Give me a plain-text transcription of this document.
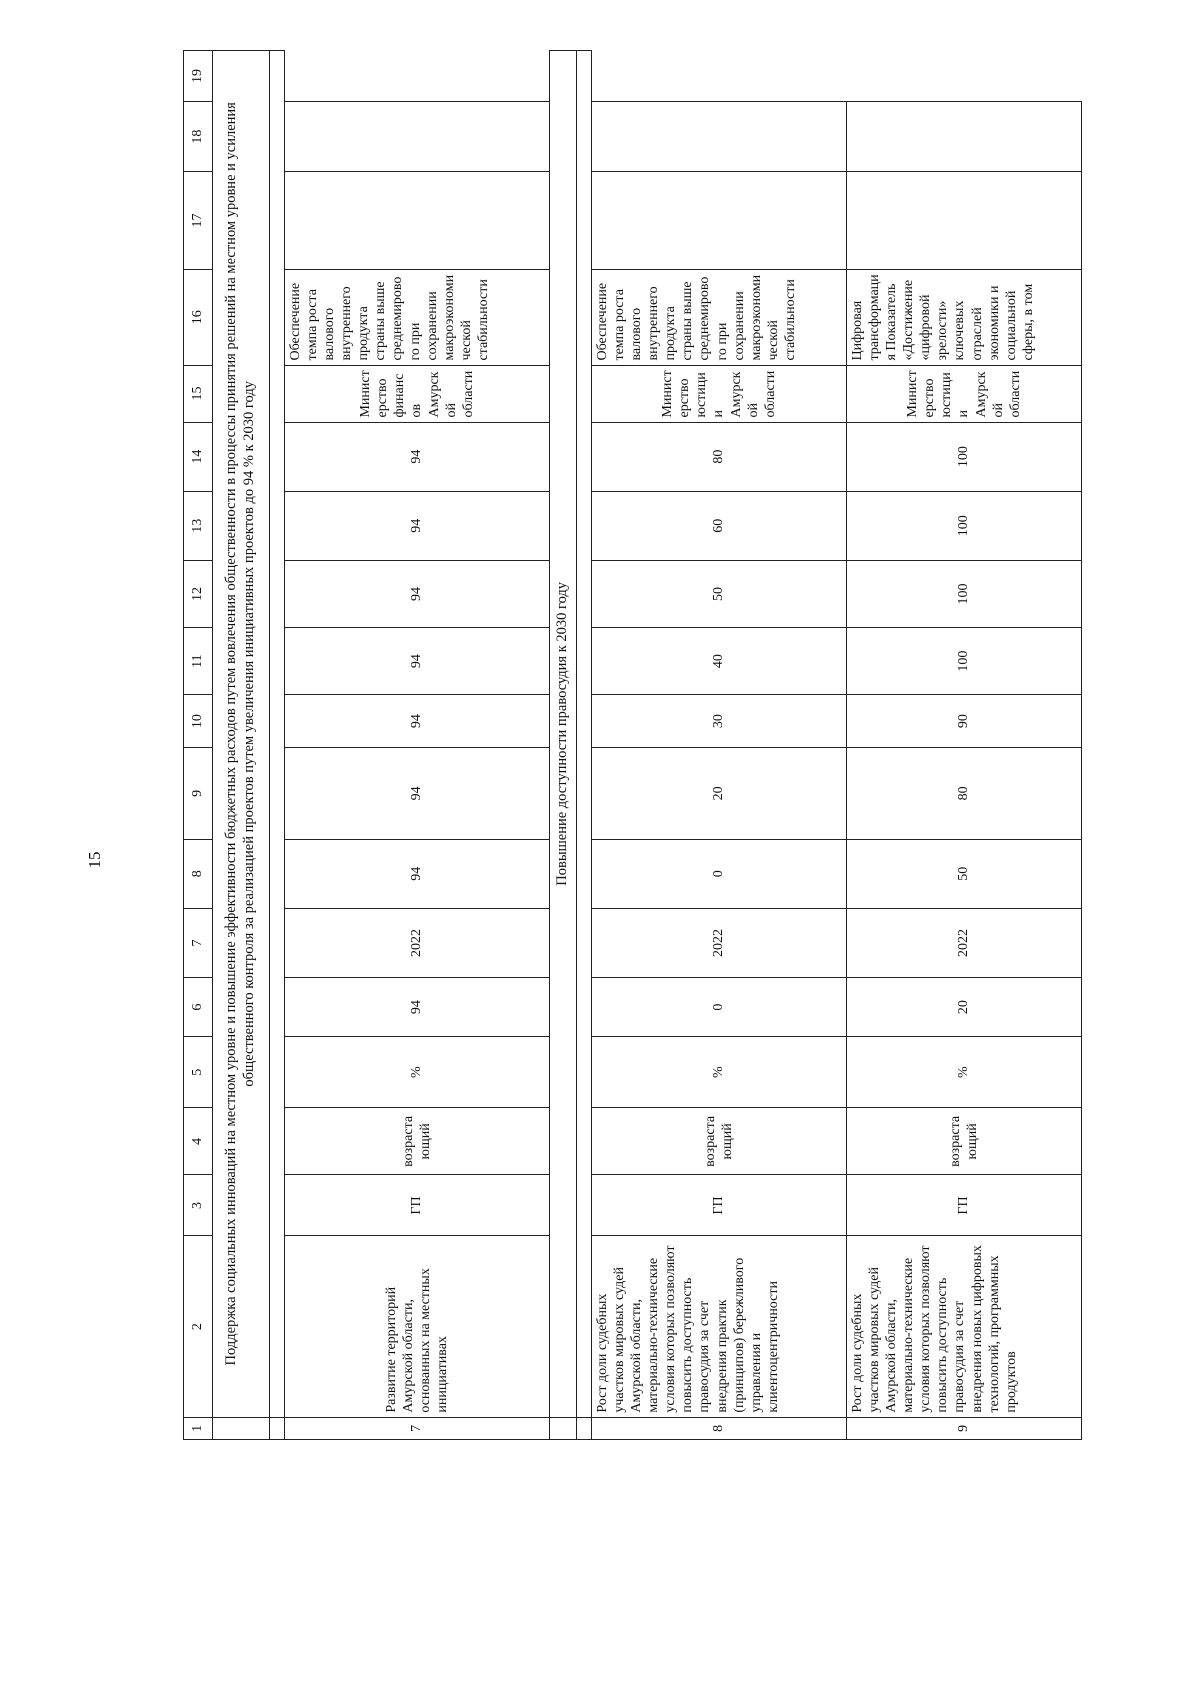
15
1	2	3	4	5	6	7	8	9	10	11	12	13	14	15	16	17	18	19
	Поддержка социальных инноваций на местном уровне и повышение эффективности бюджетных расходов путем вовлечения общественности в процессы принятия решений на местном уровне и усиления общественного контроля за реализацией проектов путем увеличения инициативных проектов до 94 % к 2030 году																	

7	Развитие территорий Амурской области, основанных на местных инициативах	ГП	возрастающий	%	94	2022	94	94	94	94	94	94	94	Министерство финансов Амурской области	Обеспечение темпа роста валового внутреннего продукта страны выше среднемирового при сохранении макроэкономической стабильности			
	Повышение доступности правосудия к 2030 году																	

8	Рост доли судебных участков мировых судей Амурской области, материально-технические условия которых позволяют повысить доступность правосудия за счет внедрения практик (принципов) бережливого управления и клиентоцентричности	ГП	возрастающий	%	0	2022	0	20	30	40	50	60	80	Министерство юстиции Амурской области	Обеспечение темпа роста валового внутреннего продукта страны выше среднемирового при сохранении макроэкономической стабильности			
9	Рост доли судебных участков мировых судей Амурской области, материально-технические условия которых позволяют повысить доступность правосудия за счет внедрения новых цифровых технологий, программных продуктов	ГП	возрастающий	%	20	2022	50	80	90	100	100	100	100	Министерство юстиции Амурской области	Цифровая трансформация Показатель «Достижение «цифровой зрелости» ключевых отраслей экономики и социальной сферы, в том			
